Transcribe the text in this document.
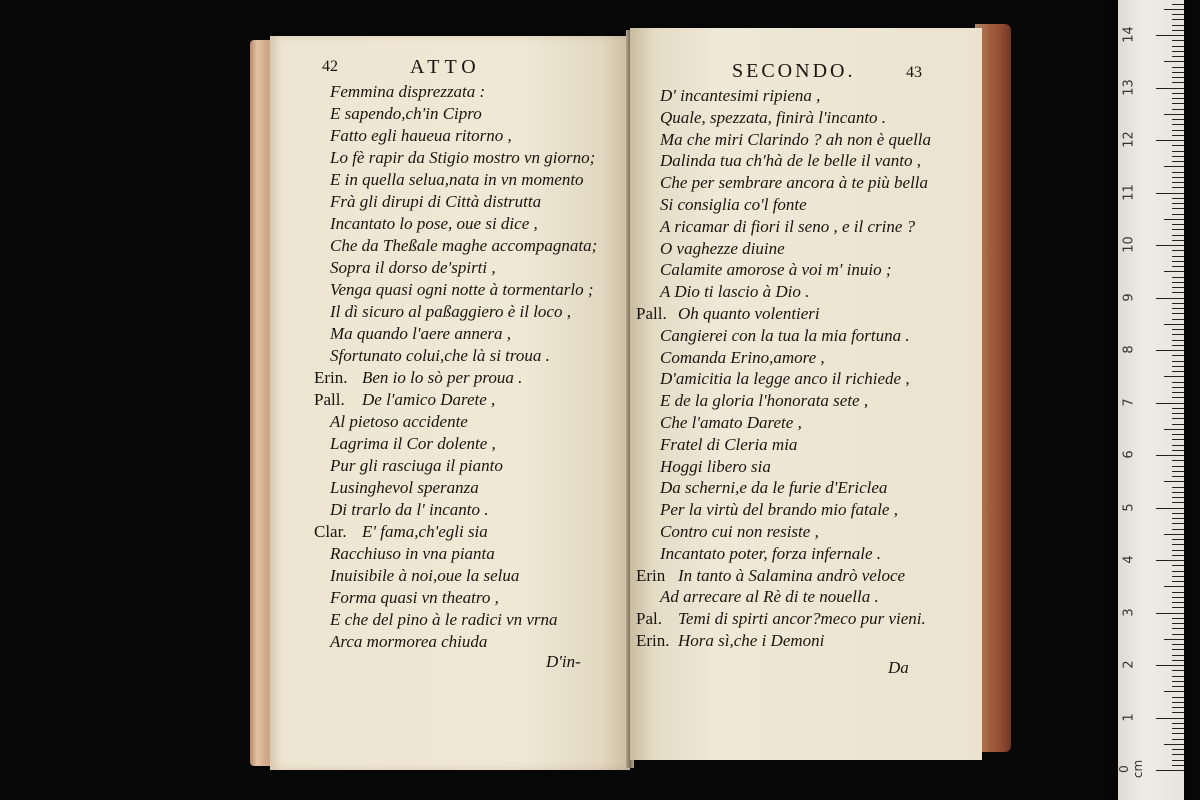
1
2
3
4
5
6
7
8
9
10
11
12
13
14
0 cm
42	ATTO
Femmina disprezzata :
E sapendo,ch'in Cipro
Fatto egli haueua ritorno ,
Lo fè rapir da Stigio mostro vn giorno;
E in quella selua,nata in vn momento
Frà gli dirupi di Città distrutta
Incantato lo pose, oue si dice ,
Che da Theßale maghe accompagnata;
Sopra il dorso de'spirti ,
Venga quasi ogni notte à tormentarlo ;
Il dì sicuro al paßaggiero è il loco ,
Ma quando l'aere annera ,
Sfortunato colui,che là si troua .
Erin. Ben io lo sò per proua .
Pall. De l'amico Darete ,
Al pietoso accidente
Lagrima il Cor dolente ,
Pur gli rasciuga il pianto
Lusinghevol speranza
Di trarlo da l' incanto .
Clar. E' fama,ch'egli sia
Racchiuso in vna pianta
Inuisibile à noi,oue la selua
Forma quasi vn theatro ,
E che del pino à le radici vn vrna
Arca mormorea chiuda
D'in-
SECONDO.	43
D' incantesimi ripiena ,
Quale, spezzata, finirà l'incanto .
Ma che miri Clarindo ? ah non è quella
Dalinda tua ch'hà de le belle il vanto ,
Che per sembrare ancora à te più bella
Si consiglia co'l fonte
A ricamar di fiori il seno , e il crine ?
O vaghezze diuine
Calamite amorose à voi m' inuio ;
A Dio ti lascio à Dio .
Pall. Oh quanto volentieri
Cangierei con la tua la mia fortuna .
Comanda Erino,amore ,
D'amicitia la legge anco il richiede ,
E de la gloria l'honorata sete ,
Che l'amato Darete ,
Fratel di Cleria mia
Hoggi libero sia
Da scherni,e da le furie d'Ericlea
Per la virtù del brando mio fatale ,
Contro cui non resiste ,
Incantato poter, forza infernale .
Erin In tanto à Salamina andrò veloce
Ad arrecare al Rè di te nouella .
Pal. Temi di spirti ancor?meco pur vieni.
Erin. Hora sì,che i Demoni
Da
